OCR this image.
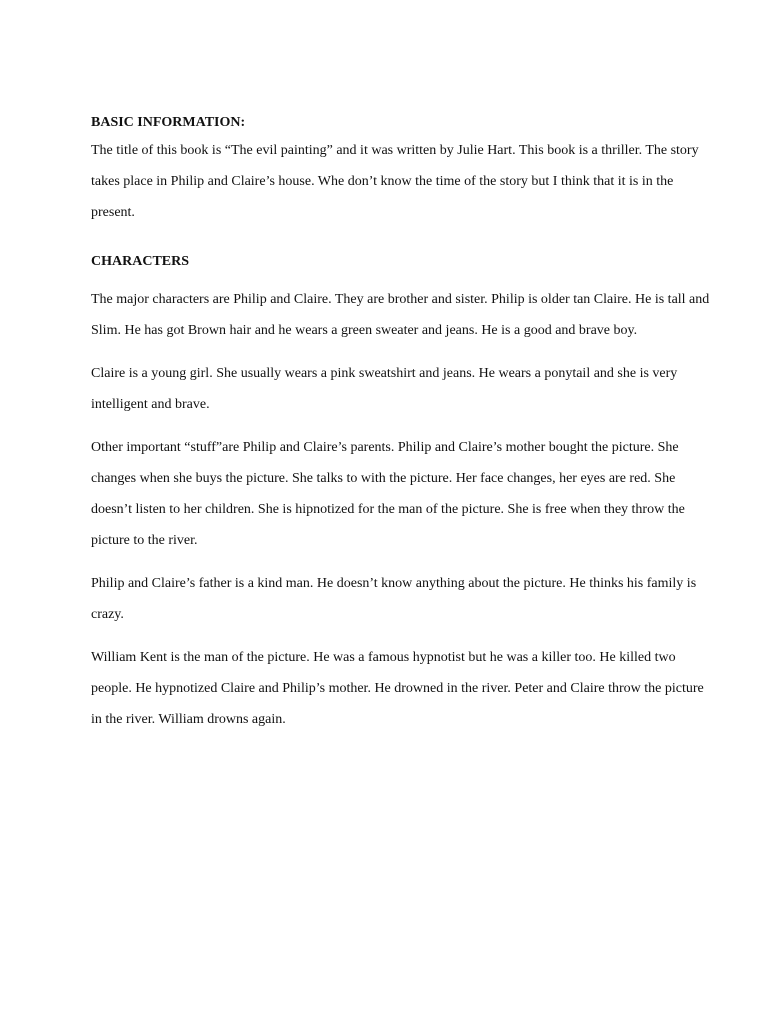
BASIC INFORMATION:

The title of this book is “The evil painting” and it was written by Julie Hart. This book is a thriller. The story takes place in Philip and Claire’s house. Whe don’t know the time of the story but I think that it is in the present.

CHARACTERS

The major characters are Philip and Claire. They are brother and sister. Philip is older tan Claire. He is tall and Slim. He has got Brown hair and he wears a green sweater and jeans. He is a good and brave boy.

Claire is a young girl. She usually wears a pink sweatshirt and jeans. He wears a ponytail and she is very intelligent and brave.

Other important “stuff”are Philip and Claire’s parents. Philip and Claire’s mother bought the picture. She changes when she buys the picture. She talks to with the picture. Her face changes, her eyes are red. She doesn’t listen to her children. She is hipnotized for the man of the picture. She is free when they throw the picture to the river.

Philip and Claire’s father is a kind man. He doesn’t know anything about the picture. He thinks his family is crazy.

William Kent is the man of the picture. He was a famous hypnotist but he was a killer too. He killed two people. He hypnotized Claire and Philip’s mother. He drowned in the river. Peter and Claire throw the picture in the river. William drowns again.
